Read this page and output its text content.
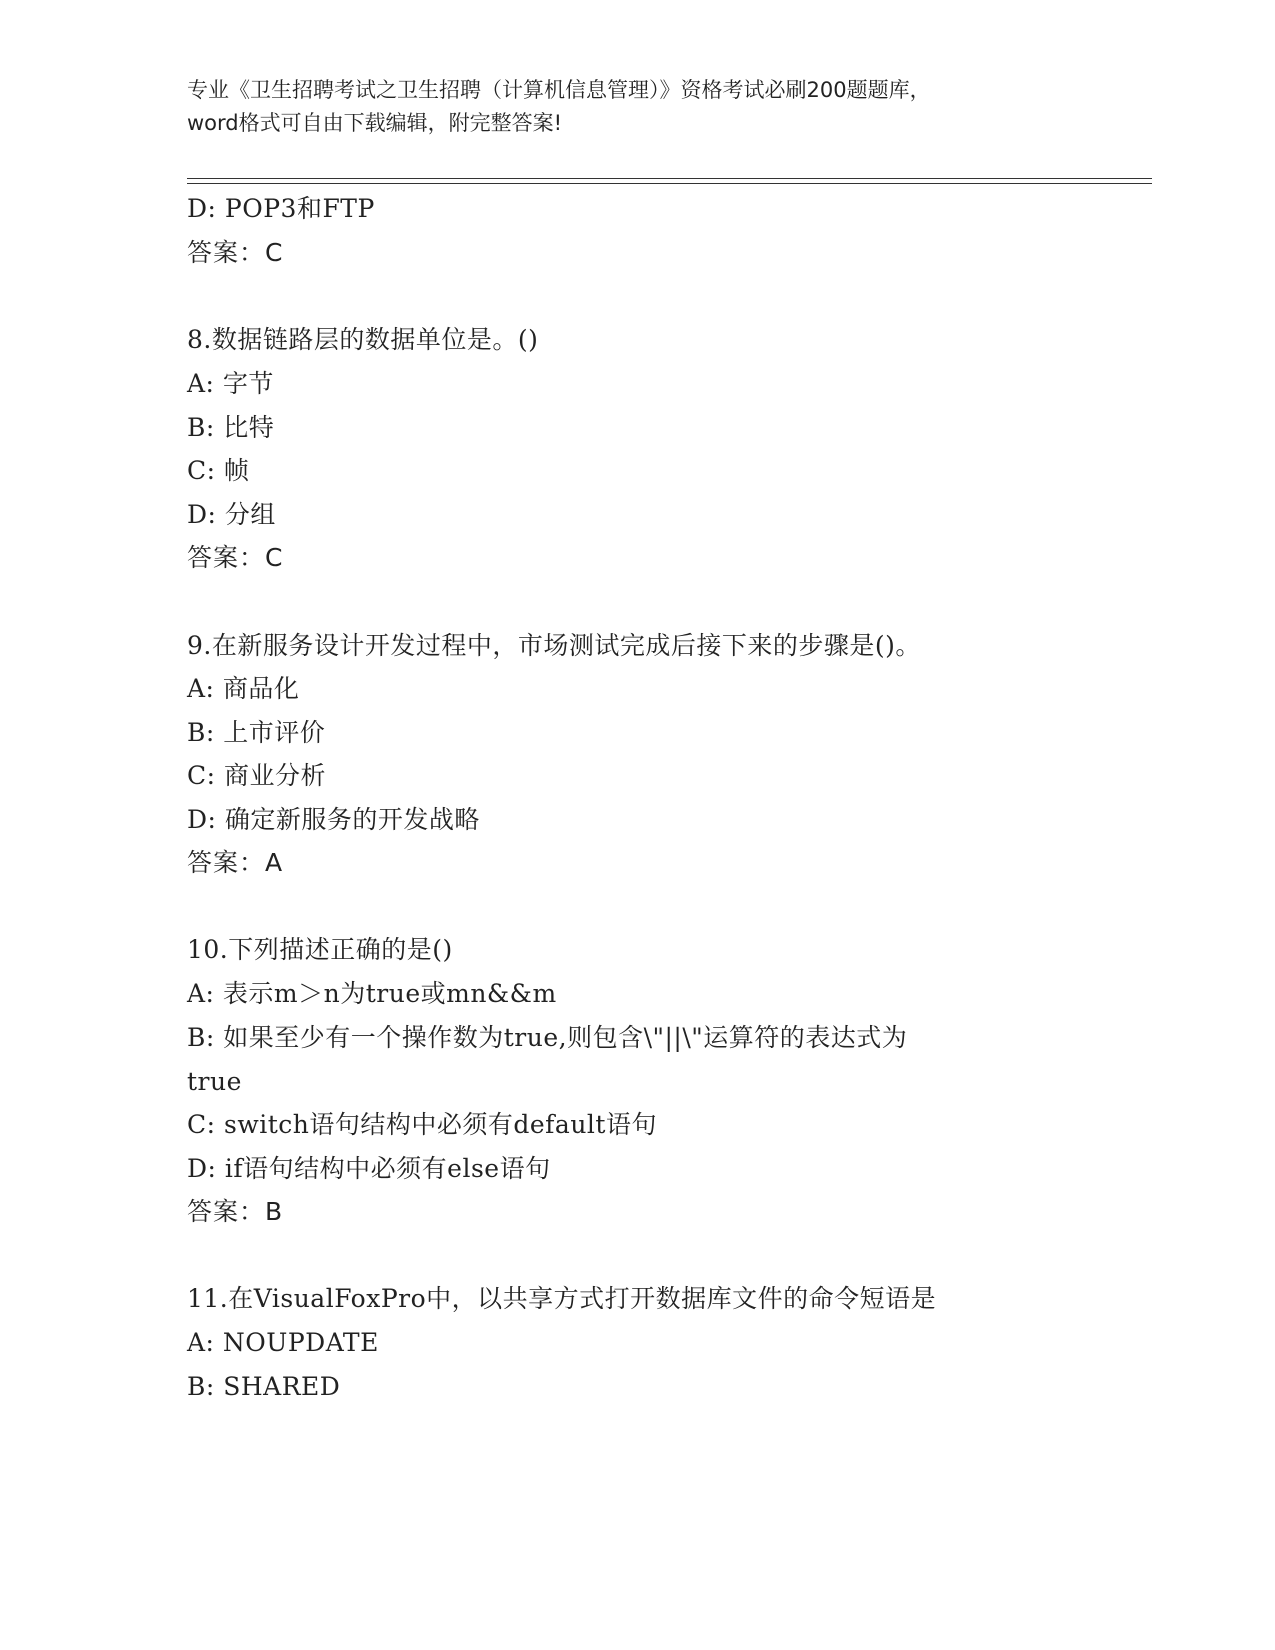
专业《卫生招聘考试之卫生招聘（计算机信息管理）》资格考试必刷200题题库，
word格式可自由下载编辑，附完整答案!
D: POP3和FTP
答案：C
8.数据链路层的数据单位是。()
A: 字节
B: 比特
C: 帧
D: 分组
答案：C
9.在新服务设计开发过程中，市场测试完成后接下来的步骤是()。
A: 商品化
B: 上市评价
C: 商业分析
D: 确定新服务的开发战略
答案：A
10.下列描述正确的是()
A: 表示m＞n为true或mn&&m
B: 如果至少有一个操作数为true,则包含\"||\"运算符的表达式为
true
C: switch语句结构中必须有default语句
D: if语句结构中必须有else语句
答案：B
11.在VisualFoxPro中，以共享方式打开数据库文件的命令短语是
A: NOUPDATE
B: SHARED
